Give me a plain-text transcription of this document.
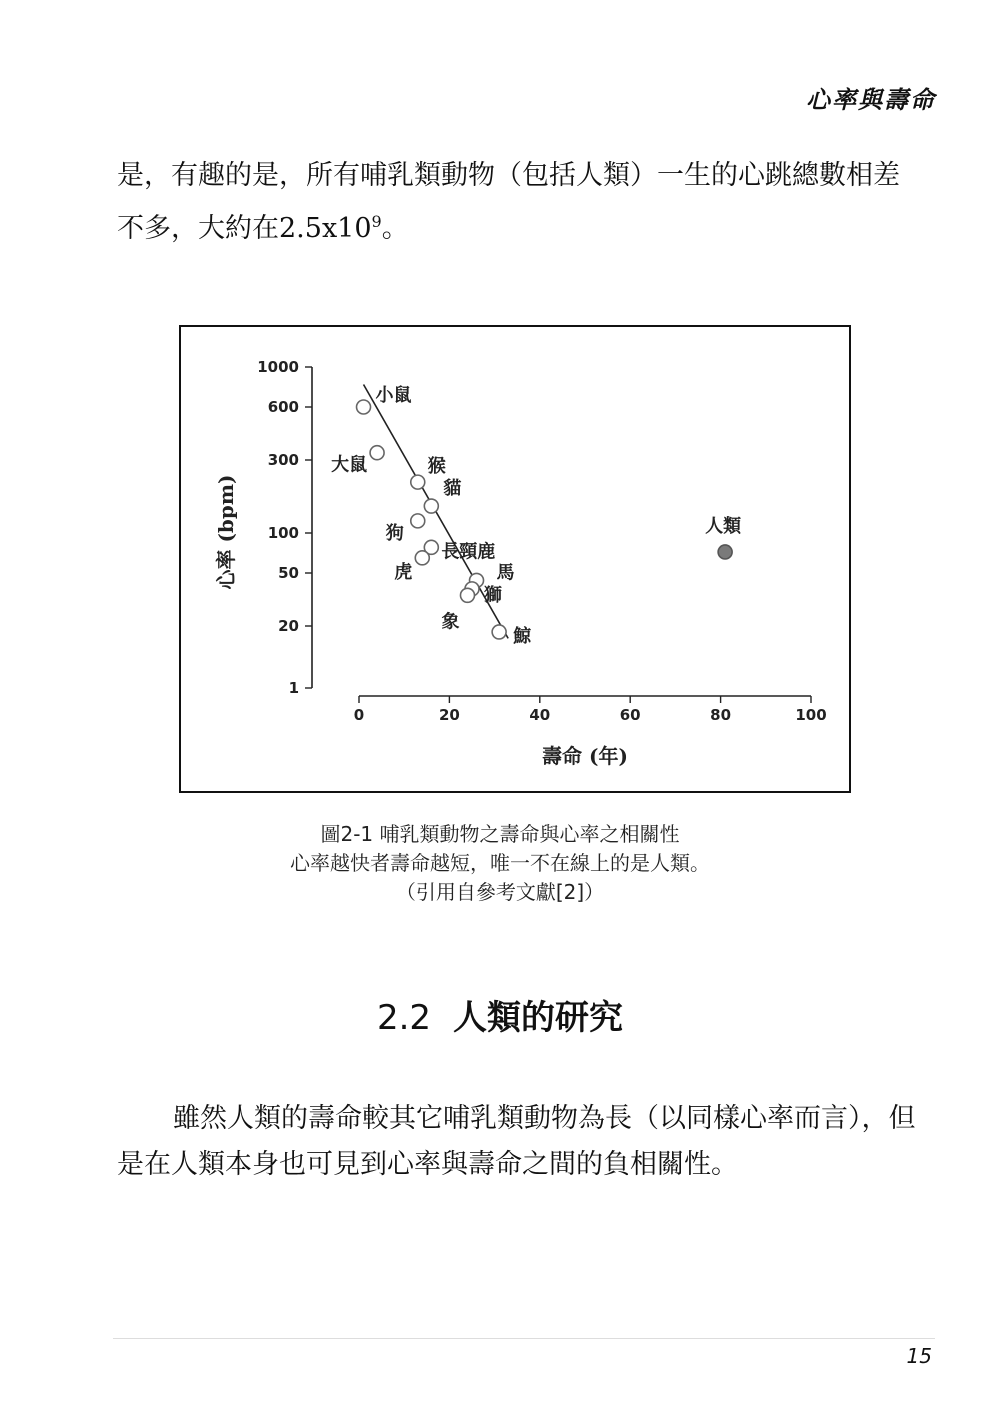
心率與壽命

是，有趣的是，所有哺乳類動物（包括人類）一生的心跳總數相差不多，大約在$2.5x10^9$。

1
20
50
100
300
600
1000
0	20	40	60	80	100
壽命 (年)
心率 (bpm)
小鼠
大鼠	猴
貓
狗
長頸鹿
虎	馬
獅
象
鯨
人類
圖2-1 哺乳類動物之壽命與心率之相關性
心率越快者壽命越短，唯一不在線上的是人類。
（引用自參考文獻[2]）
2.2 人類的研究

雖然人類的壽命較其它哺乳類動物為長（以同樣心率而言），但是在人類本身也可見到心率與壽命之間的負相關性。

15
